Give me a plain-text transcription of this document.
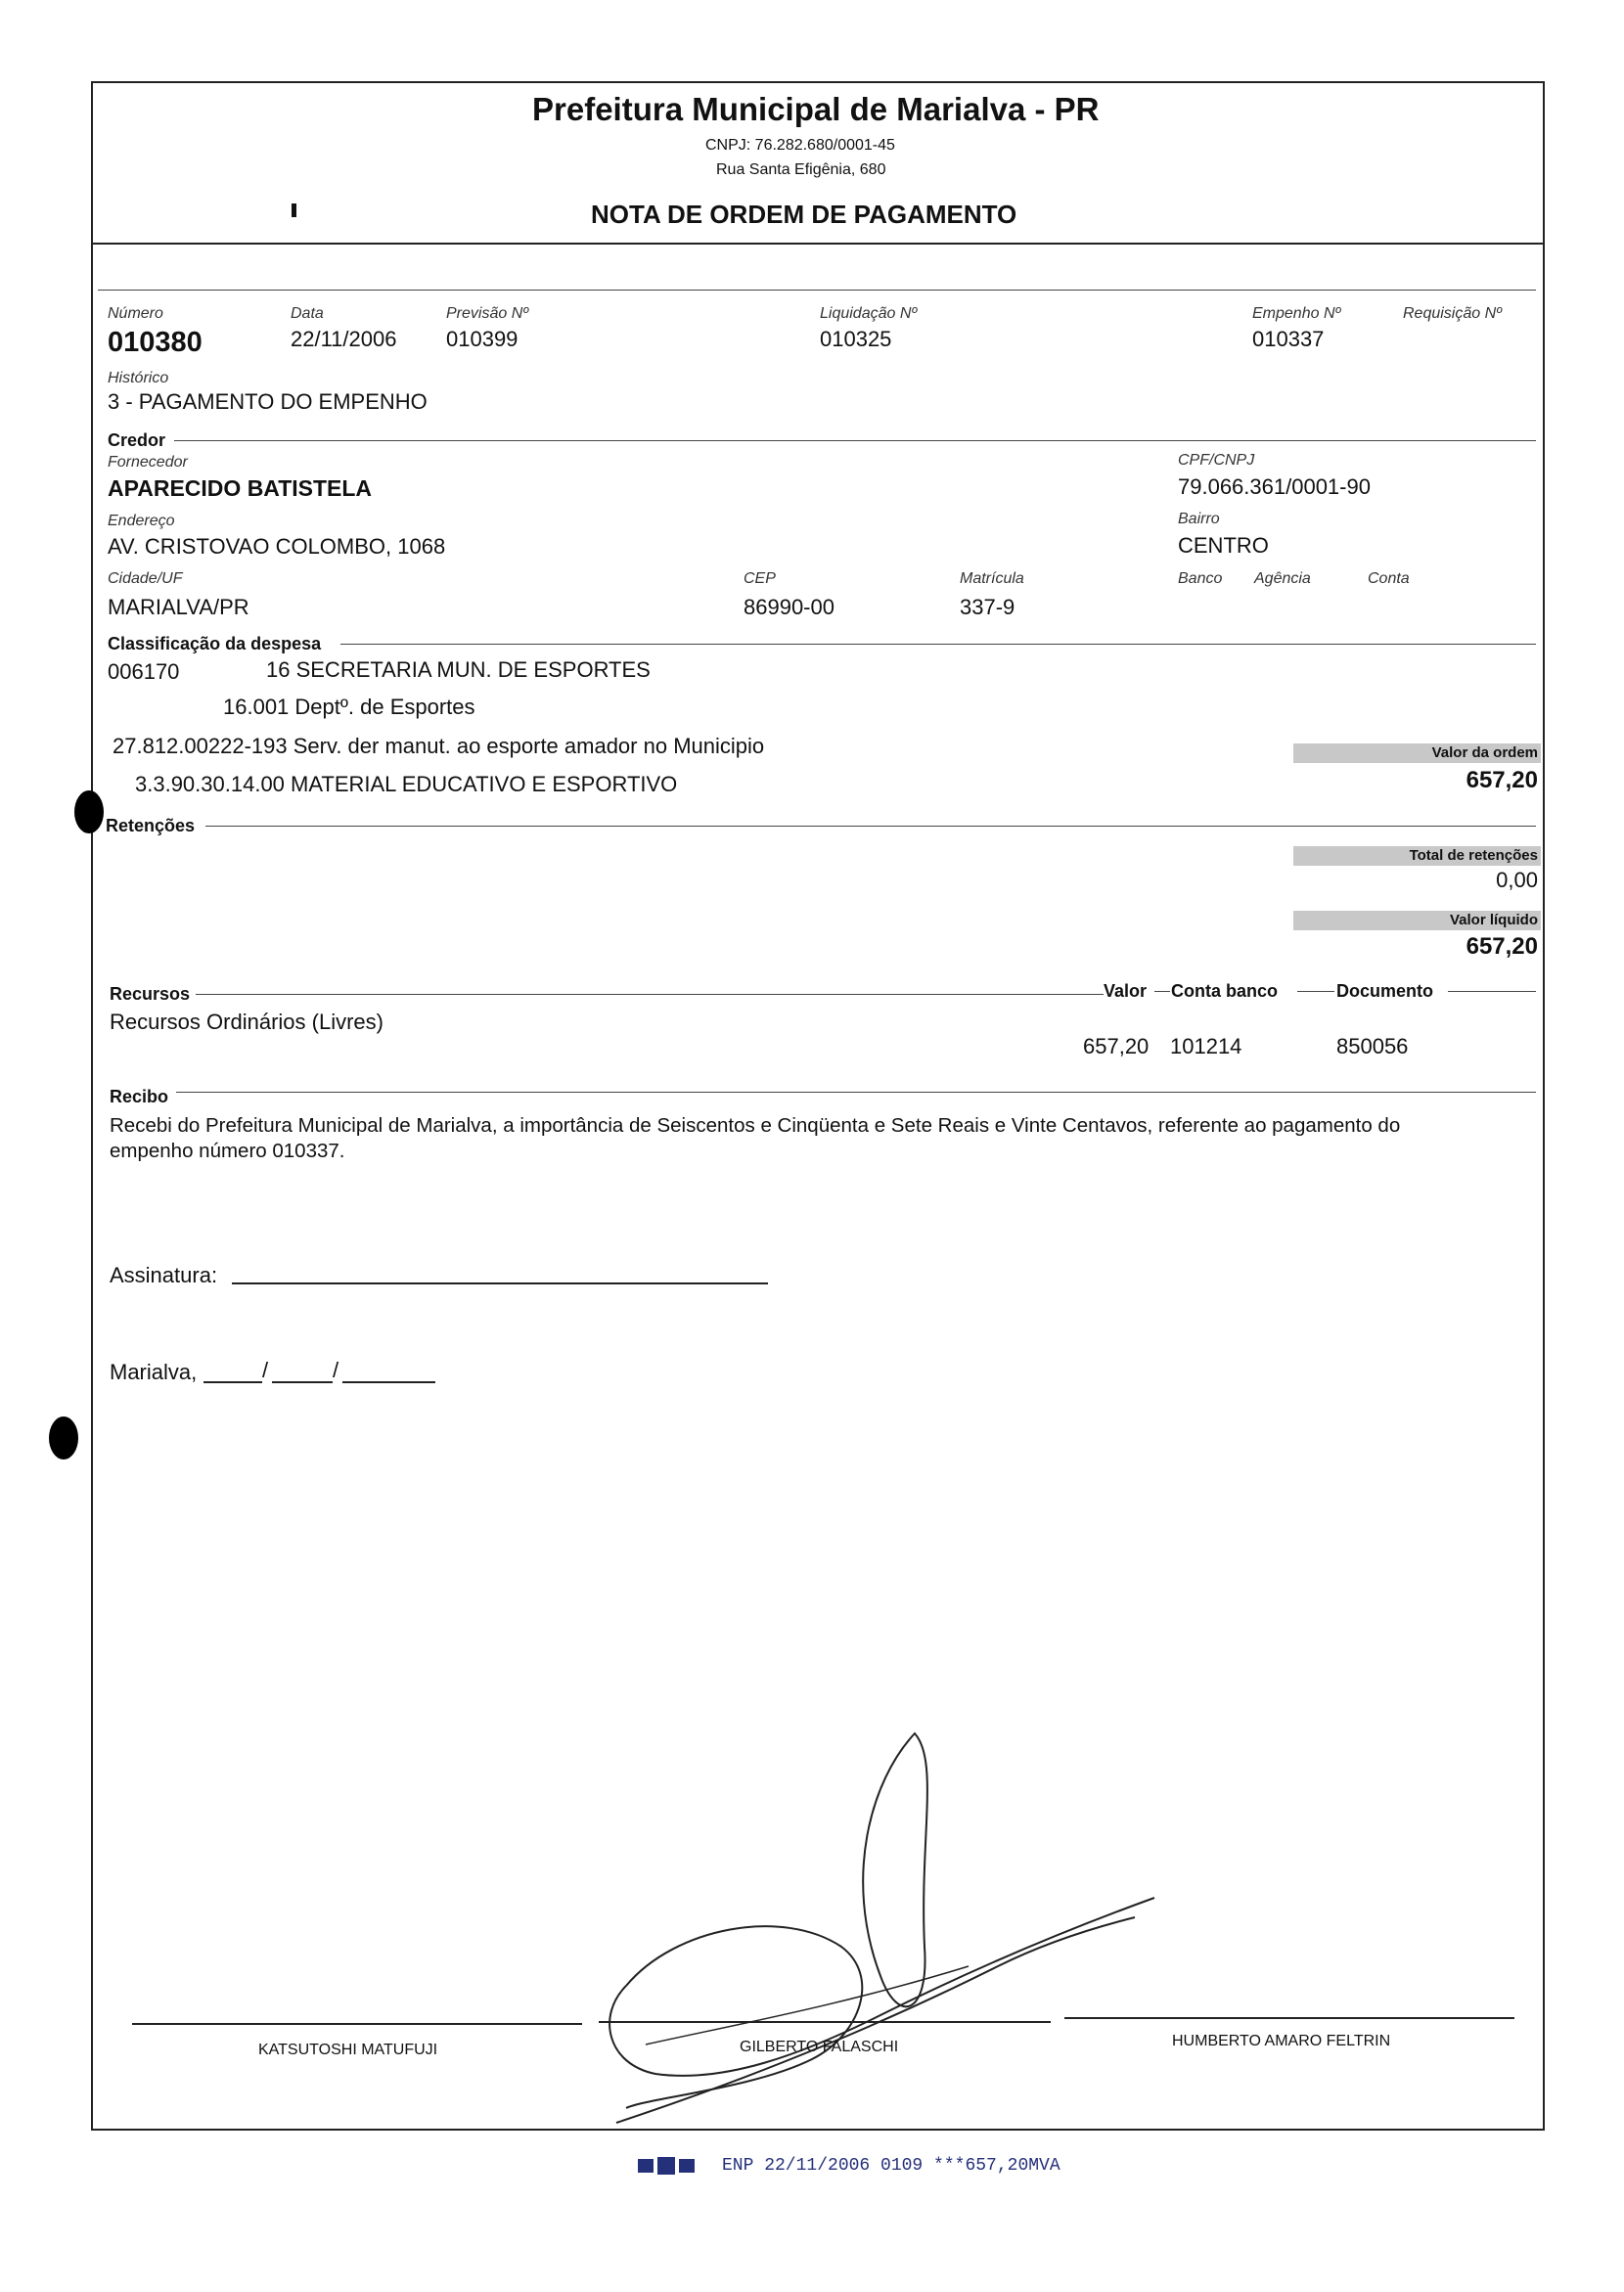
Prefeitura Municipal de Marialva - PR
CNPJ: 76.282.680/0001-45
Rua Santa Efigênia, 680
NOTA DE ORDEM DE PAGAMENTO
Número
010380
Data
22/11/2006
Previsão Nº
010399
Liquidação Nº
010325
Empenho Nº
010337
Requisição Nº
Histórico
3 - PAGAMENTO DO EMPENHO
Credor
Fornecedor
APARECIDO BATISTELA
CPF/CNPJ
79.066.361/0001-90
Endereço
AV. CRISTOVAO COLOMBO, 1068
Bairro
CENTRO
Cidade/UF
MARIALVA/PR
CEP
86990-00
Matrícula
337-9
Banco Agência	Conta
Classificação da despesa
006170	16 SECRETARIA MUN. DE ESPORTES
16.001 Deptº. de Esportes
27.812.00222-193 Serv. der manut. ao esporte amador no Municipio
3.3.90.30.14.00 MATERIAL EDUCATIVO E ESPORTIVO
Valor da ordem
657,20
Retenções
Total de retenções
0,00
Valor líquido
657,20
Recursos	Valor Conta banco	Documento
Recursos Ordinários (Livres)
657,20 101214	850056
Recibo
Recebi do Prefeitura Municipal de Marialva, a importância de Seiscentos e Cinqüenta e Sete Reais e Vinte Centavos, referente ao pagamento do
empenho número 010337.
Assinatura:
Marialva,	/	/
KATSUTOSHI MATUFUJI	GILBERTO FALASCHI	HUMBERTO AMARO FELTRIN
ENP 22/11/2006 0109 ***657,20MVA
